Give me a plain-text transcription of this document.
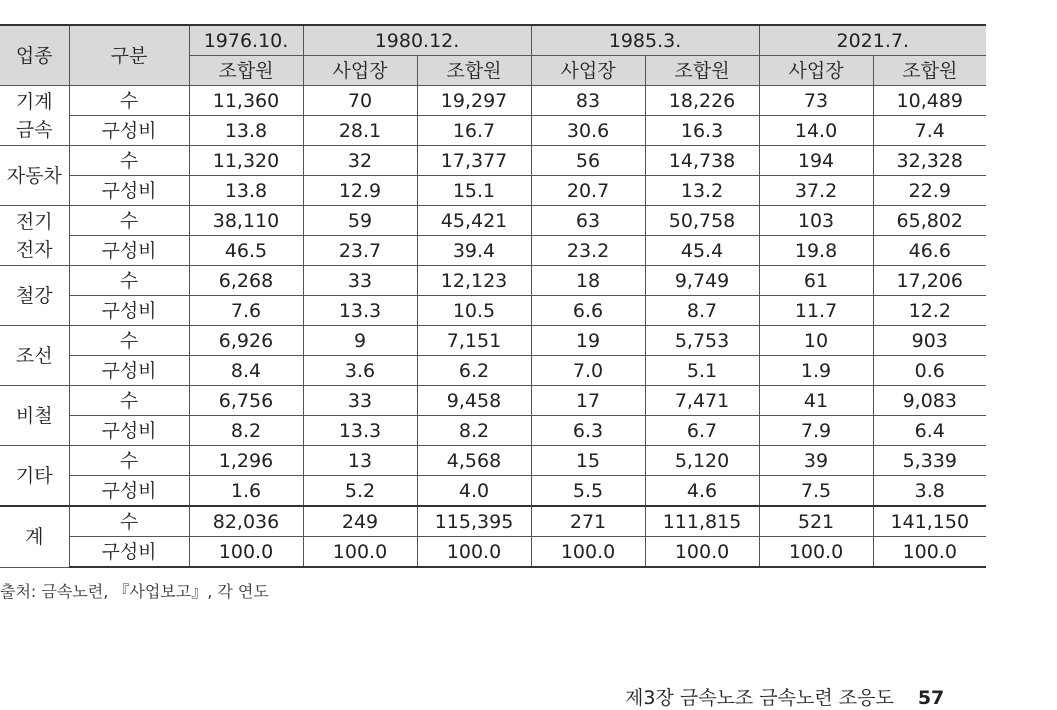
업종	구분	1976.10.	1980.12.		1985.3.		2021.7.	
		조합원	사업장	조합원	사업장	조합원	사업장	조합원
기계
금속	수	11,360	70	19,297	83	18,226	73	10,489
	구성비	13.8	28.1	16.7	30.6	16.3	14.0	7.4
자동차	수	11,320	32	17,377	56	14,738	194	32,328
	구성비	13.8	12.9	15.1	20.7	13.2	37.2	22.9
전기
전자	수	38,110	59	45,421	63	50,758	103	65,802
	구성비	46.5	23.7	39.4	23.2	45.4	19.8	46.6
철강	수	6,268	33	12,123	18	9,749	61	17,206
	구성비	7.6	13.3	10.5	6.6	8.7	11.7	12.2
조선	수	6,926	9	7,151	19	5,753	10	903
	구성비	8.4	3.6	6.2	7.0	5.1	1.9	0.6
비철	수	6,756	33	9,458	17	7,471	41	9,083
	구성비	8.2	13.3	8.2	6.3	6.7	7.9	6.4
기타	수	1,296	13	4,568	15	5,120	39	5,339
	구성비	1.6	5.2	4.0	5.5	4.6	7.5	3.8
계	수	82,036	249	115,395	271	111,815	521	141,150
	구성비	100.0	100.0	100.0	100.0	100.0	100.0	100.0
출처: 금속노련, 『사업보고』, 각 연도
제3장 금속노조 금속노련 조응도 57
